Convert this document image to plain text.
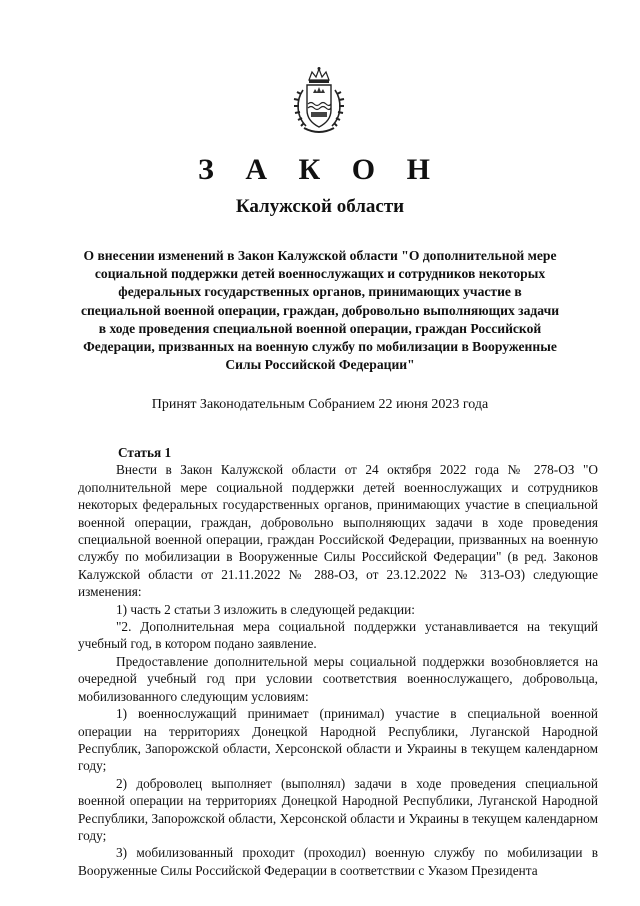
З А К О Н
Калужской области
О внесении изменений в Закон Калужской области "О дополнительной мере социальной поддержки детей военнослужащих и сотрудников некоторых федеральных государственных органов, принимающих участие в специальной военной операции, граждан, добровольно выполняющих задачи в ходе проведения специальной военной операции, граждан Российской Федерации, призванных на военную службу по мобилизации в Вооруженные Силы Российской Федерации"
Принят Законодательным Собранием 22 июня 2023 года

Статья 1

Внести в Закон Калужской области от 24 октября 2022 года № 278-ОЗ "О дополнительной мере социальной поддержки детей военнослужащих и сотрудников некоторых федеральных государственных органов, принимающих участие в специальной военной операции, граждан, добровольно выполняющих задачи в ходе проведения специальной военной операции, граждан Российской Федерации, призванных на военную службу по мобилизации в Вооруженные Силы Российской Федерации" (в ред. Законов Калужской области от 21.11.2022 № 288-ОЗ, от 23.12.2022 № 313-ОЗ) следующие изменения:

1) часть 2 статьи 3 изложить в следующей редакции:

"2. Дополнительная мера социальной поддержки устанавливается на текущий учебный год, в котором подано заявление.

Предоставление дополнительной меры социальной поддержки возобновляется на очередной учебный год при условии соответствия военнослужащего, добровольца, мобилизованного следующим условиям:

1) военнослужащий принимает (принимал) участие в специальной военной операции на территориях Донецкой Народной Республики, Луганской Народной Республик, Запорожской области, Херсонской области и Украины в текущем календарном году;

2) доброволец выполняет (выполнял) задачи в ходе проведения специальной военной операции на территориях Донецкой Народной Республики, Луганской Народной Республики, Запорожской области, Херсонской области и Украины в текущем календарном году;

3) мобилизованный проходит (проходил) военную службу по мобилизации в Вооруженные Силы Российской Федерации в соответствии с Указом Президента
